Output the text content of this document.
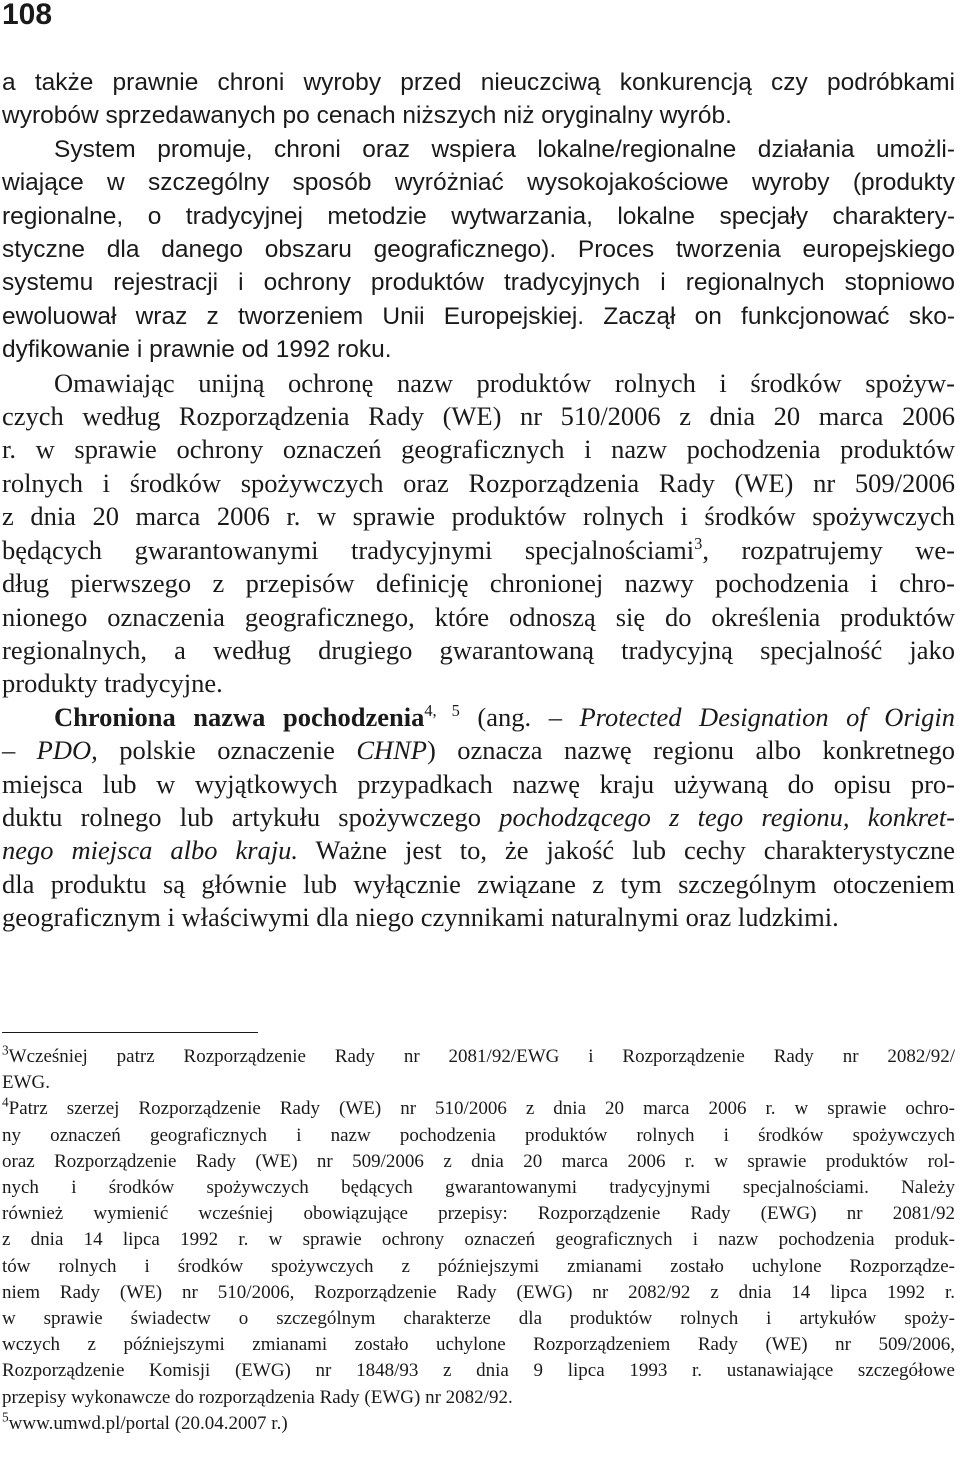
108
a także prawnie chroni wyroby przed nieuczciwą konkurencją czy podróbkami
wyrobów sprzedawanych po cenach niższych niż oryginalny wyrób.
System promuje, chroni oraz wspiera lokalne/regionalne działania umożli-
wiające w szczególny sposób wyróżniać wysokojakościowe wyroby (produkty
regionalne, o tradycyjnej metodzie wytwarzania, lokalne specjały charaktery-
styczne dla danego obszaru geograficznego). Proces tworzenia europejskiego
systemu rejestracji i ochrony produktów tradycyjnych i regionalnych stopniowo
ewoluował wraz z tworzeniem Unii Europejskiej. Zaczął on funkcjonować sko-
dyfikowanie i prawnie od 1992 roku.
Omawiając unijną ochronę nazw produktów rolnych i środków spożyw-
czych według Rozporządzenia Rady (WE) nr 510/2006 z dnia 20 marca 2006
r. w sprawie ochrony oznaczeń geograficznych i nazw pochodzenia produktów
rolnych i środków spożywczych oraz Rozporządzenia Rady (WE) nr 509/2006
z dnia 20 marca 2006 r. w sprawie produktów rolnych i środków spożywczych
będących gwarantowanymi tradycyjnymi specjalnościami$^3$, rozpatrujemy we-
dług pierwszego z przepisów definicję chronionej nazwy pochodzenia i chro-
nionego oznaczenia geograficznego, które odnoszą się do określenia produktów
regionalnych, a według drugiego gwarantowaną tradycyjną specjalność jako
produkty tradycyjne.
Chroniona nazwa pochodzenia$^{4, 5}$ (ang. – Protected Designation of Origin
– PDO, polskie oznaczenie CHNP) oznacza nazwę regionu albo konkretnego
miejsca lub w wyjątkowych przypadkach nazwę kraju używaną do opisu pro-
duktu rolnego lub artykułu spożywczego pochodzącego z tego regionu, konkret-
nego miejsca albo kraju. Ważne jest to, że jakość lub cechy charakterystyczne
dla produktu są głównie lub wyłącznie związane z tym szczególnym otoczeniem
geograficznym i właściwymi dla niego czynnikami naturalnymi oraz ludzkimi.
$^3$Wcześniej patrz Rozporządzenie Rady nr 2081/92/EWG i Rozporządzenie Rady nr 2082/92/
EWG.
$^4$Patrz szerzej Rozporządzenie Rady (WE) nr 510/2006 z dnia 20 marca 2006 r. w sprawie ochro-
ny oznaczeń geograficznych i nazw pochodzenia produktów rolnych i środków spożywczych
oraz Rozporządzenie Rady (WE) nr 509/2006 z dnia 20 marca 2006 r. w sprawie produktów rol-
nych i środków spożywczych będących gwarantowanymi tradycyjnymi specjalnościami. Należy
również wymienić wcześniej obowiązujące przepisy: Rozporządzenie Rady (EWG) nr 2081/92
z dnia 14 lipca 1992 r. w sprawie ochrony oznaczeń geograficznych i nazw pochodzenia produk-
tów rolnych i środków spożywczych z późniejszymi zmianami zostało uchylone Rozporządze-
niem Rady (WE) nr 510/2006, Rozporządzenie Rady (EWG) nr 2082/92 z dnia 14 lipca 1992 r.
w sprawie świadectw o szczególnym charakterze dla produktów rolnych i artykułów spoży-
wczych z późniejszymi zmianami zostało uchylone Rozporządzeniem Rady (WE) nr 509/2006,
Rozporządzenie Komisji (EWG) nr 1848/93 z dnia 9 lipca 1993 r. ustanawiające szczegółowe
przepisy wykonawcze do rozporządzenia Rady (EWG) nr 2082/92.
$^5$www.umwd.pl/portal (20.04.2007 r.)
